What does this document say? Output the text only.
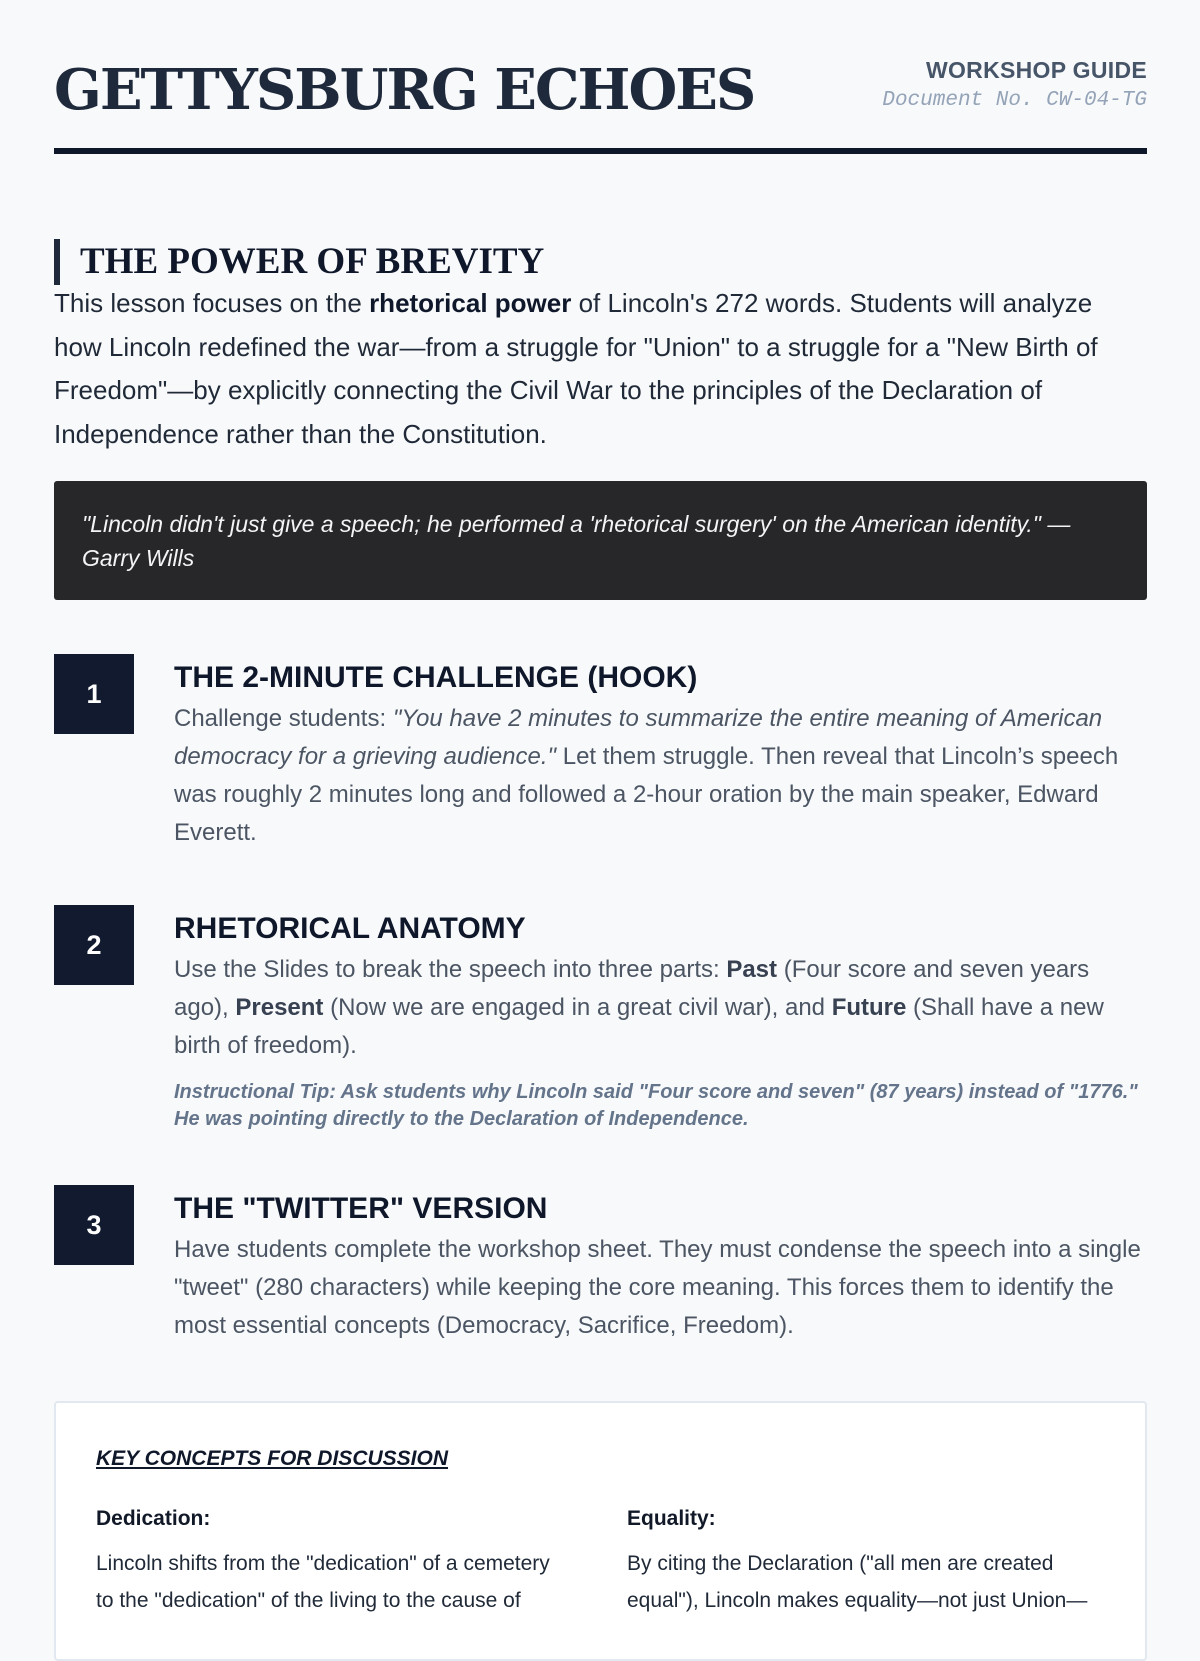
GETTYSBURG ECHOES	WORKSHOP GUIDE
Document No. CW-04-TG
THE POWER OF BREVITY

This lesson focuses on the rhetorical power of Lincoln's 272 words. Students will analyze how Lincoln redefined the war—from a struggle for "Union" to a struggle for a "New Birth of Freedom"—by explicitly connecting the Civil War to the principles of the Declaration of Independence rather than the Constitution.

"Lincoln didn't just give a speech; he performed a 'rhetorical surgery' on the American identity." — Garry Wills
1	THE 2-MINUTE CHALLENGE (HOOK)

Challenge students: "You have 2 minutes to summarize the entire meaning of American democracy for a grieving audience." Let them struggle. Then reveal that Lincoln’s speech was roughly 2 minutes long and followed a 2-hour oration by the main speaker, Edward Everett.

2	RHETORICAL ANATOMY

Use the Slides to break the speech into three parts: Past (Four score and seven years ago), Present (Now we are engaged in a great civil war), and Future (Shall have a new birth of freedom).

Instructional Tip: Ask students why Lincoln said "Four score and seven" (87 years) instead of "1776." He was pointing directly to the Declaration of Independence.

3	THE "TWITTER" VERSION

Have students complete the workshop sheet. They must condense the speech into a single "tweet" (280 characters) while keeping the core meaning. This forces them to identify the most essential concepts (Democracy, Sacrifice, Freedom).

KEY CONCEPTS FOR DISCUSSION

Dedication:

Lincoln shifts from the "dedication" of a cemetery to the "dedication" of the living to the cause of

Equality:

By citing the Declaration ("all men are created equal"), Lincoln makes equality—not just Union—
